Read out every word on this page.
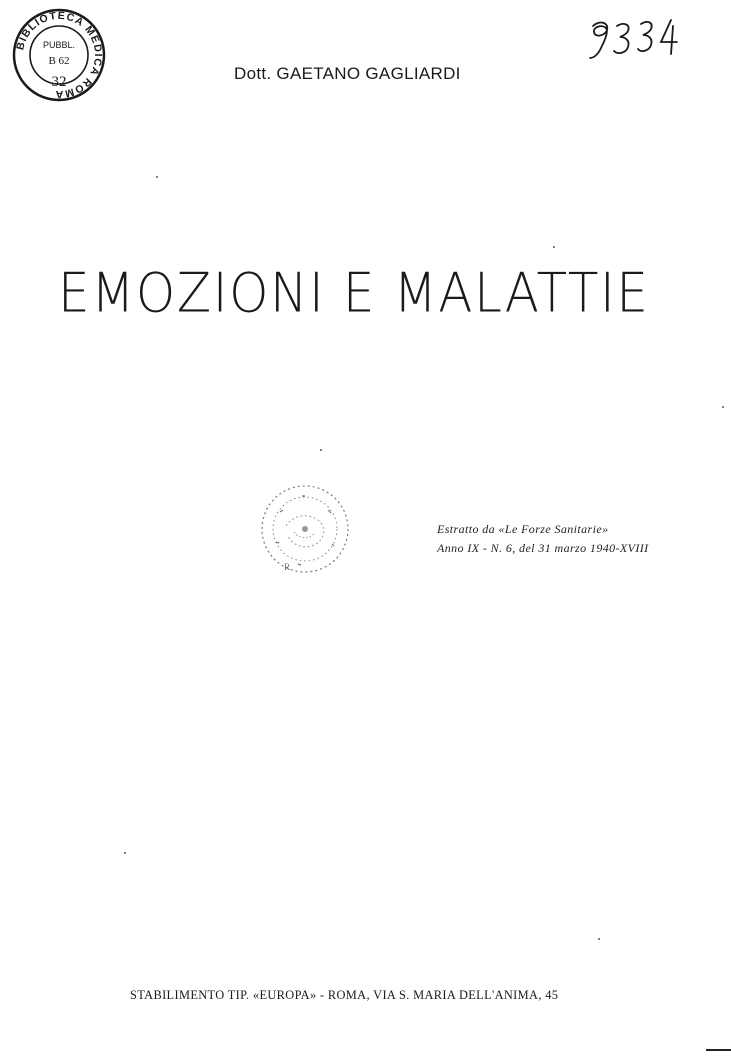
BIBLIOTECA MEDICA ROMA
PUBBL.
B 62
32	Dott. GAETANO GAGLIARDI
EMOZIONI E MALATTIE
R
Estratto da «Le Forze Sanitarie»
Anno IX - N. 6, del 31 marzo 1940-XVIII
STABILIMENTO TIP. «EUROPA» - ROMA, VIA S. MARIA DELL'ANIMA, 45
